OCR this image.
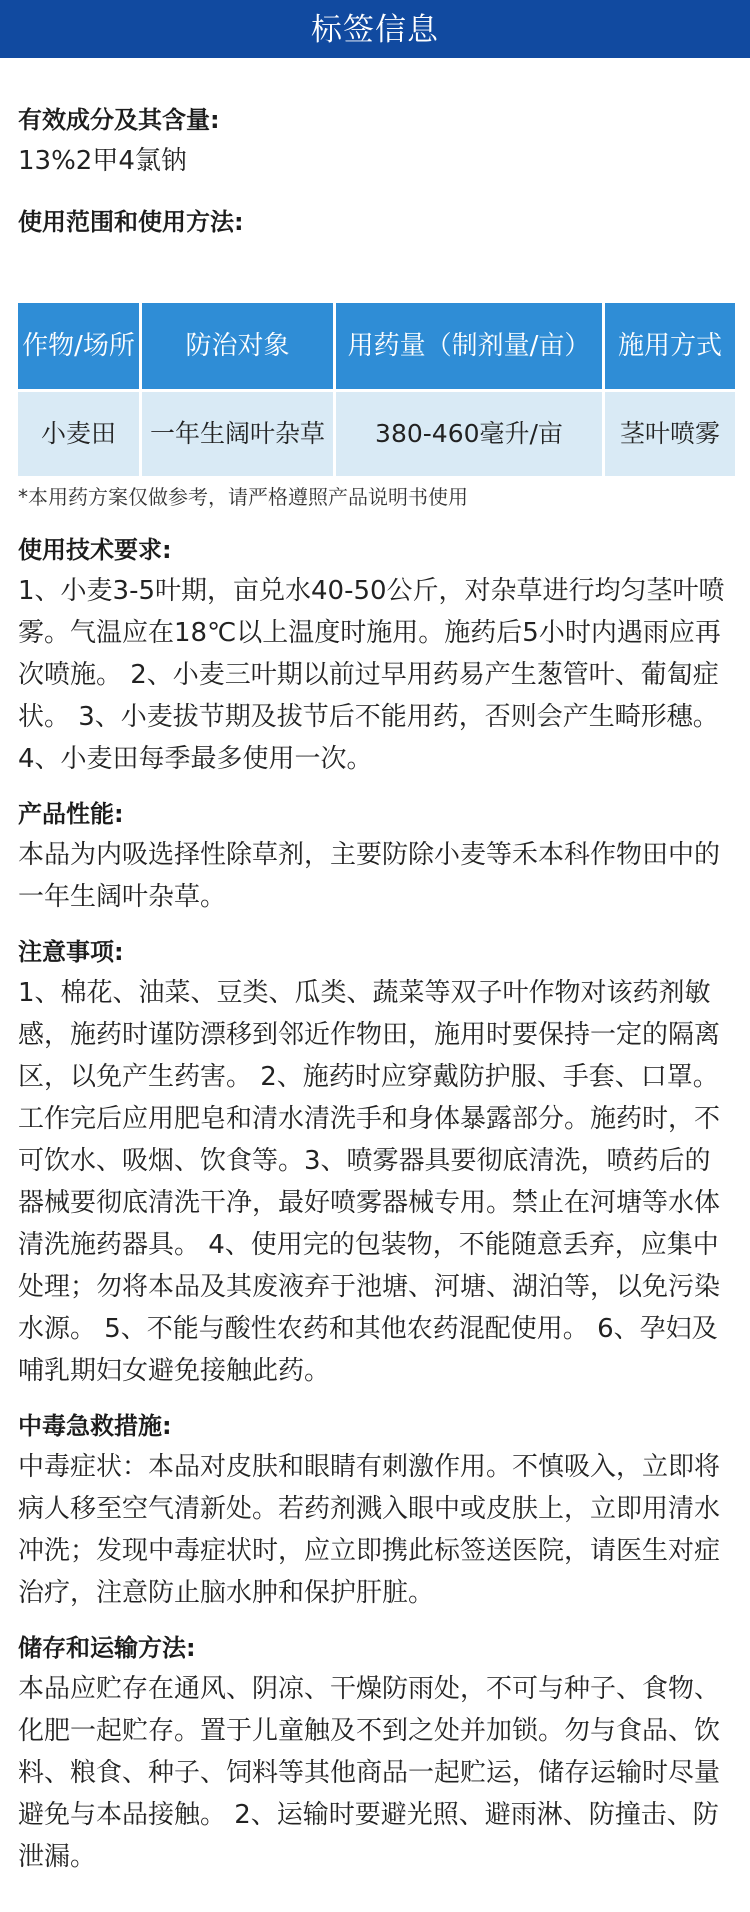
标签信息
有效成分及其含量:
13%2甲4氯钠
使用范围和使用方法:
作物/场所	防治对象	用药量（制剂量/亩）	施用方式
小麦田	一年生阔叶杂草	380-460毫升/亩	茎叶喷雾
*本用药方案仅做参考，请严格遵照产品说明书使用
使用技术要求:
1、小麦3-5叶期，亩兑水40-50公斤，对杂草进行均匀茎叶喷雾。气温应在18℃以上温度时施用。施药后5小时内遇雨应再次喷施。 2、小麦三叶期以前过早用药易产生葱管叶、葡匐症状。 3、小麦拔节期及拔节后不能用药，否则会产生畸形穗。 4、小麦田每季最多使用一次。
产品性能:
本品为内吸选择性除草剂，主要防除小麦等禾本科作物田中的一年生阔叶杂草。
注意事项:
1、棉花、油菜、豆类、瓜类、蔬菜等双子叶作物对该药剂敏感，施药时谨防漂移到邻近作物田，施用时要保持一定的隔离区，以免产生药害。 2、施药时应穿戴防护服、手套、口罩。工作完后应用肥皂和清水清洗手和身体暴露部分。施药时，不可饮水、吸烟、饮食等。3、喷雾器具要彻底清洗，喷药后的器械要彻底清洗干净，最好喷雾器械专用。禁止在河塘等水体清洗施药器具。 4、使用完的包装物，不能随意丢弃，应集中处理；勿将本品及其废液弃于池塘、河塘、湖泊等，以免污染水源。 5、不能与酸性农药和其他农药混配使用。 6、孕妇及哺乳期妇女避免接触此药。
中毒急救措施:
中毒症状：本品对皮肤和眼睛有刺激作用。不慎吸入，立即将病人移至空气清新处。若药剂溅入眼中或皮肤上，立即用清水冲洗；发现中毒症状时，应立即携此标签送医院，请医生对症治疗，注意防止脑水肿和保护肝脏。
储存和运输方法:
本品应贮存在通风、阴凉、干燥防雨处，不可与种子、食物、化肥一起贮存。置于儿童触及不到之处并加锁。勿与食品、饮料、粮食、种子、饲料等其他商品一起贮运，储存运输时尽量避免与本品接触。 2、运输时要避光照、避雨淋、防撞击、防泄漏。
